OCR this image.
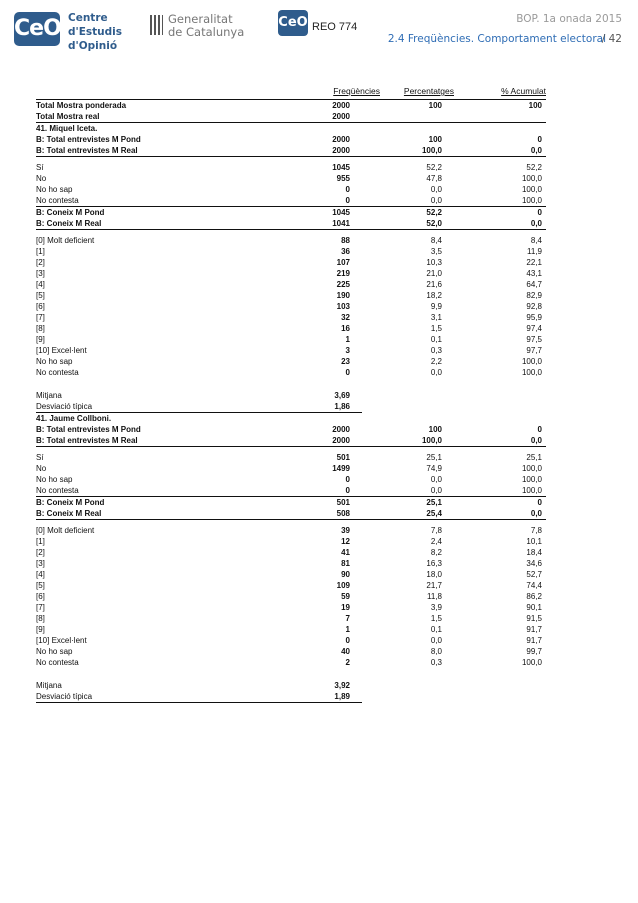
CeO Centre
d'Estudis
d'Opinió
Generalitat
de Catalunya
CeO REO 774
BOP. 1a onada 2015
2.4 Freqüències. Comportament electoral
/ 42
Freqüències	Percentatges	% Acumulat
Total Mostra ponderada	2000	100	100
Total Mostra real	2000
41. Miquel Iceta.
B: Total entrevistes M Pond	2000	100	0
B: Total entrevistes M Real	2000	100,0	0,0
Sí	1045	52,2	52,2
No	955	47,8	100,0
No ho sap	0	0,0	100,0
No contesta	0	0,0	100,0
B: Coneix M Pond	1045	52,2	0
B: Coneix M Real	1041	52,0	0,0
[0] Molt deficient	88	8,4	8,4
[1]	36	3,5	11,9
[2]	107	10,3	22,1
[3]	219	21,0	43,1
[4]	225	21,6	64,7
[5]	190	18,2	82,9
[6]	103	9,9	92,8
[7]	32	3,1	95,9
[8]	16	1,5	97,4
[9]	1	0,1	97,5
[10] Excel·lent	3	0,3	97,7
No ho sap	23	2,2	100,0
No contesta	0	0,0	100,0
Mitjana	3,69
Desviació típica	1,86
41. Jaume Collboni.
B: Total entrevistes M Pond	2000	100	0
B: Total entrevistes M Real	2000	100,0	0,0
Sí	501	25,1	25,1
No	1499	74,9	100,0
No ho sap	0	0,0	100,0
No contesta	0	0,0	100,0
B: Coneix M Pond	501	25,1	0
B: Coneix M Real	508	25,4	0,0
[0] Molt deficient	39	7,8	7,8
[1]	12	2,4	10,1
[2]	41	8,2	18,4
[3]	81	16,3	34,6
[4]	90	18,0	52,7
[5]	109	21,7	74,4
[6]	59	11,8	86,2
[7]	19	3,9	90,1
[8]	7	1,5	91,5
[9]	1	0,1	91,7
[10] Excel·lent	0	0,0	91,7
No ho sap	40	8,0	99,7
No contesta	2	0,3	100,0
Mitjana	3,92
Desviació típica	1,89
